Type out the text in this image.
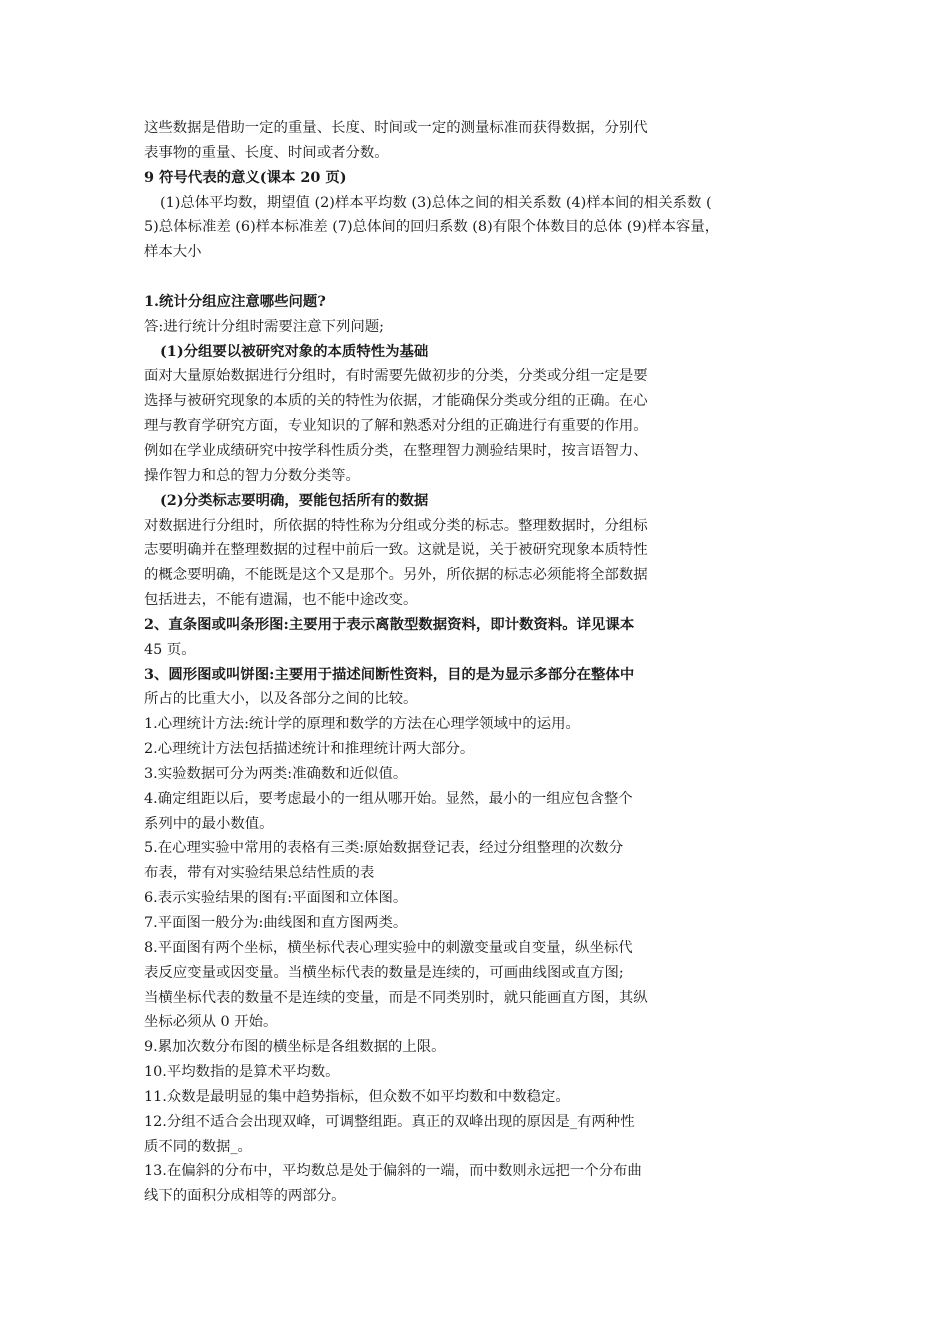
这些数据是借助一定的重量、长度、时间或一定的测量标准而获得数据，分别代
表事物的重量、长度、时间或者分数。
9 符号代表的意义(课本 20 页)
(1)总体平均数，期望值 (2)样本平均数 (3)总体之间的相关系数 (4)样本间的相关系数 (
5)总体标准差 (6)样本标准差 (7)总体间的回归系数 (8)有限个体数目的总体 (9)样本容量，
样本大小
1.统计分组应注意哪些问题?
答:进行统计分组时需要注意下列问题;
(1)分组要以被研究对象的本质特性为基础
面对大量原始数据进行分组时，有时需要先做初步的分类，分类或分组一定是要
选择与被研究现象的本质的关的特性为依据，才能确保分类或分组的正确。在心
理与教育学研究方面，专业知识的了解和熟悉对分组的正确进行有重要的作用。
例如在学业成绩研究中按学科性质分类，在整理智力测验结果时，按言语智力、
操作智力和总的智力分数分类等。
(2)分类标志要明确，要能包括所有的数据
对数据进行分组时，所依据的特性称为分组或分类的标志。整理数据时，分组标
志要明确并在整理数据的过程中前后一致。这就是说，关于被研究现象本质特性
的概念要明确，不能既是这个又是那个。另外，所依据的标志必须能将全部数据
包括进去，不能有遗漏，也不能中途改变。
2、直条图或叫条形图:主要用于表示离散型数据资料，即计数资料。详见课本
45 页。
3、圆形图或叫饼图:主要用于描述间断性资料，目的是为显示多部分在整体中
所占的比重大小，以及各部分之间的比较。
1.心理统计方法:统计学的原理和数学的方法在心理学领域中的运用。
2.心理统计方法包括描述统计和推理统计两大部分。
3.实验数据可分为两类:准确数和近似值。
4.确定组距以后，要考虑最小的一组从哪开始。显然，最小的一组应包含整个
系列中的最小数值。
5.在心理实验中常用的表格有三类:原始数据登记表，经过分组整理的次数分
布表，带有对实验结果总结性质的表
6.表示实验结果的图有:平面图和立体图。
7.平面图一般分为:曲线图和直方图两类。
8.平面图有两个坐标，横坐标代表心理实验中的刺激变量或自变量，纵坐标代
表反应变量或因变量。当横坐标代表的数量是连续的，可画曲线图或直方图;
当横坐标代表的数量不是连续的变量，而是不同类别时，就只能画直方图，其纵
坐标必须从 0 开始。
9.累加次数分布图的横坐标是各组数据的上限。
10.平均数指的是算术平均数。
11.众数是最明显的集中趋势指标，但众数不如平均数和中数稳定。
12.分组不适合会出现双峰，可调整组距。真正的双峰出现的原因是_有两种性
质不同的数据_。
13.在偏斜的分布中，平均数总是处于偏斜的一端，而中数则永远把一个分布曲
线下的面积分成相等的两部分。
